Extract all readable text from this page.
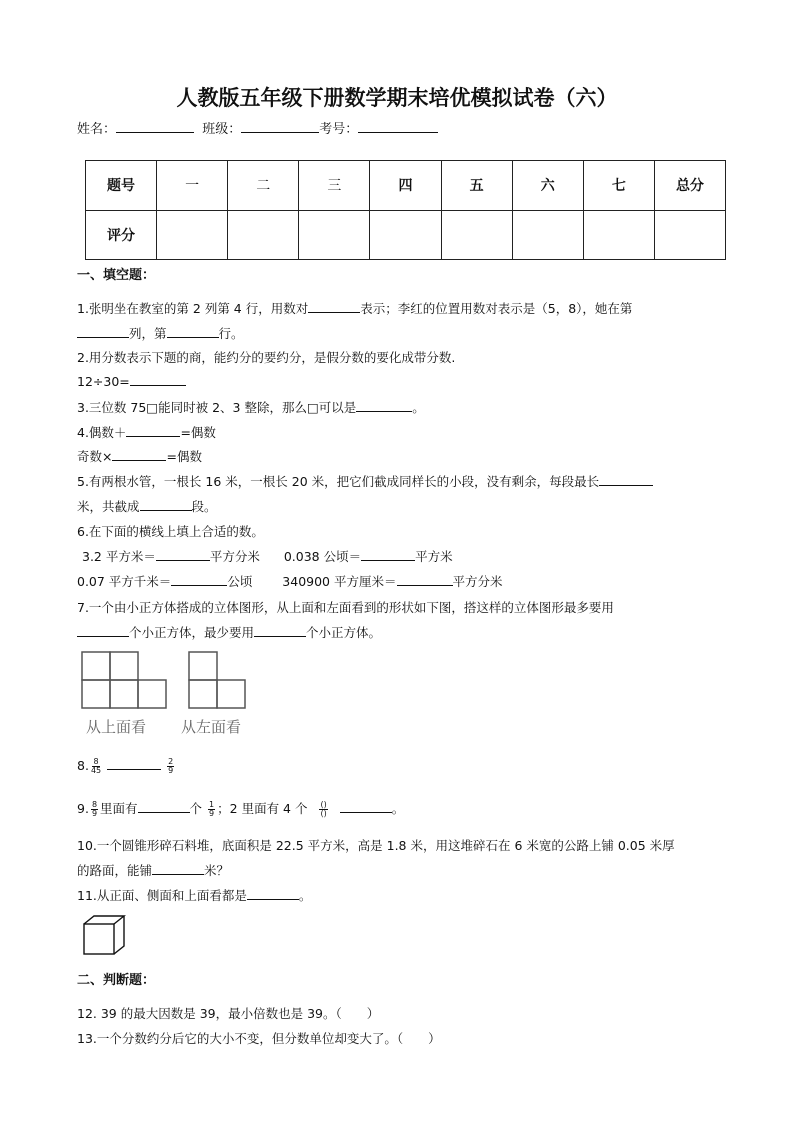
人教版五年级下册数学期末培优模拟试卷（六）
姓名：	班级：	考号：
题号	一	二	三	四	五	六	七	总分
评分								
一、填空题：
1.张明坐在教室的第 2 列第 4 行，用数对	表示；李红的位置用数对表示是（5，8），她在第
列，第	行。
2.用分数表示下题的商，能约分的要约分，是假分数的要化成带分数.
12÷30=
3.三位数 75□能同时被 2、3 整除，那么□可以是	。
4.偶数＋	=偶数
奇数×	=偶数
5.有两根水管，一根长 16 米，一根长 20 米，把它们截成同样长的小段，没有剩余，每段最长
米，共截成	段。
6.在下面的横线上填上合适的数。
3.2 平方米＝	平方分米 0.038 公顷＝	平方米
0.07 平方千米＝	公顷 340900 平方厘米＝	平方分米
7.一个由小正方体搭成的立体图形，从上面和左面看到的形状如下图，搭这样的立体图形最多要用
个小正方体，最少要用	个小正方体。
从上面看 从左面看
8. $\frac{8}{45}$
	$\frac{2}{9}$
9. $\frac{8}{9}$ 里面有	个 $\frac{1}{9}$ ；2 里面有 4 个 $\frac{()}{()}$	。
10.一个圆锥形碎石料堆，底面积是 22.5 平方米，高是 1.8 米，用这堆碎石在 6 米宽的公路上铺 0.05 米厚
的路面，能铺	米？
11.从正面、侧面和上面看都是	。
二、判断题：
12. 39 的最大因数是 39，最小倍数也是 39。（　　）
13.一个分数约分后它的大小不变，但分数单位却变大了。（　　）
